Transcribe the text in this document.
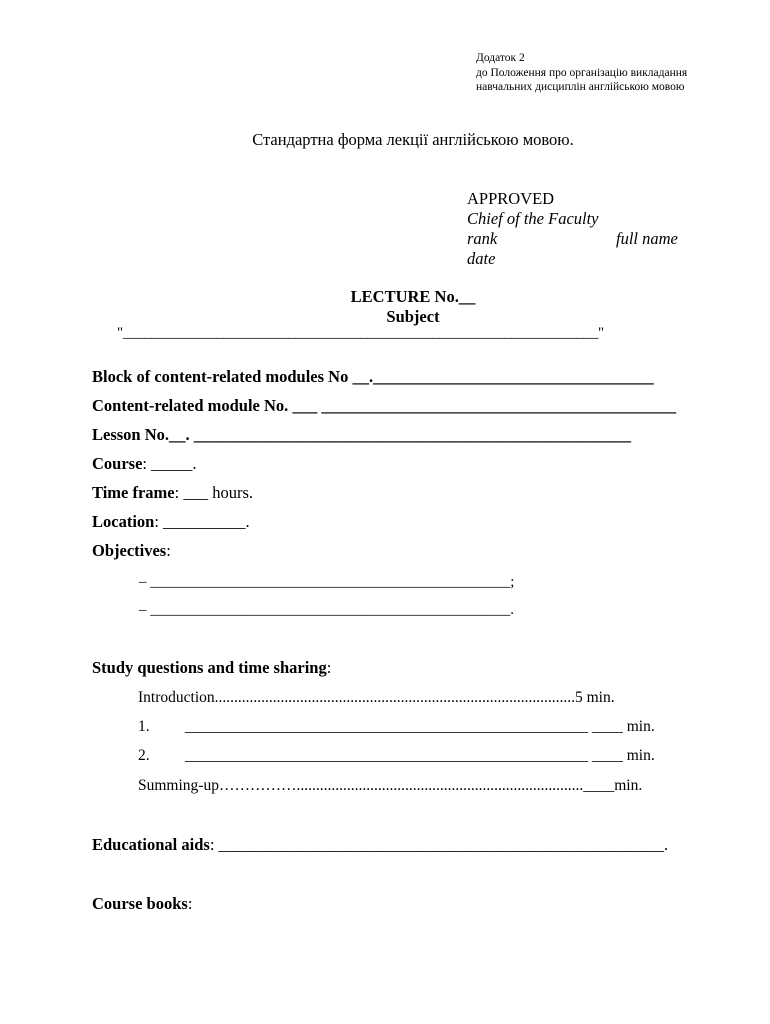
Додаток 2
до Положення про організацію викладання
навчальних дисциплін англійською мовою
Стандартна форма лекції англійською мовою.
APPROVED
Chief of the Faculty
rank	full name
date
LECTURE No.__
Subject
"__________________________________________________________________"
Block of content-related modules No __.__________________________________
Content-related module No. ___ ___________________________________________
Lesson No.__. _____________________________________________________
Course: _____.
Time frame: ___ hours.
Location: __________.
Objectives:
– ________________________________________________;
– ________________________________________________.
Study questions and time sharing:
Introduction.............................................................................................5 min.
1. ____________________________________________________ ____ min.
2. ____________________________________________________ ____ min.
Summing-up……………..........................................................................____min.
Educational aids: ______________________________________________________.
Course books:
